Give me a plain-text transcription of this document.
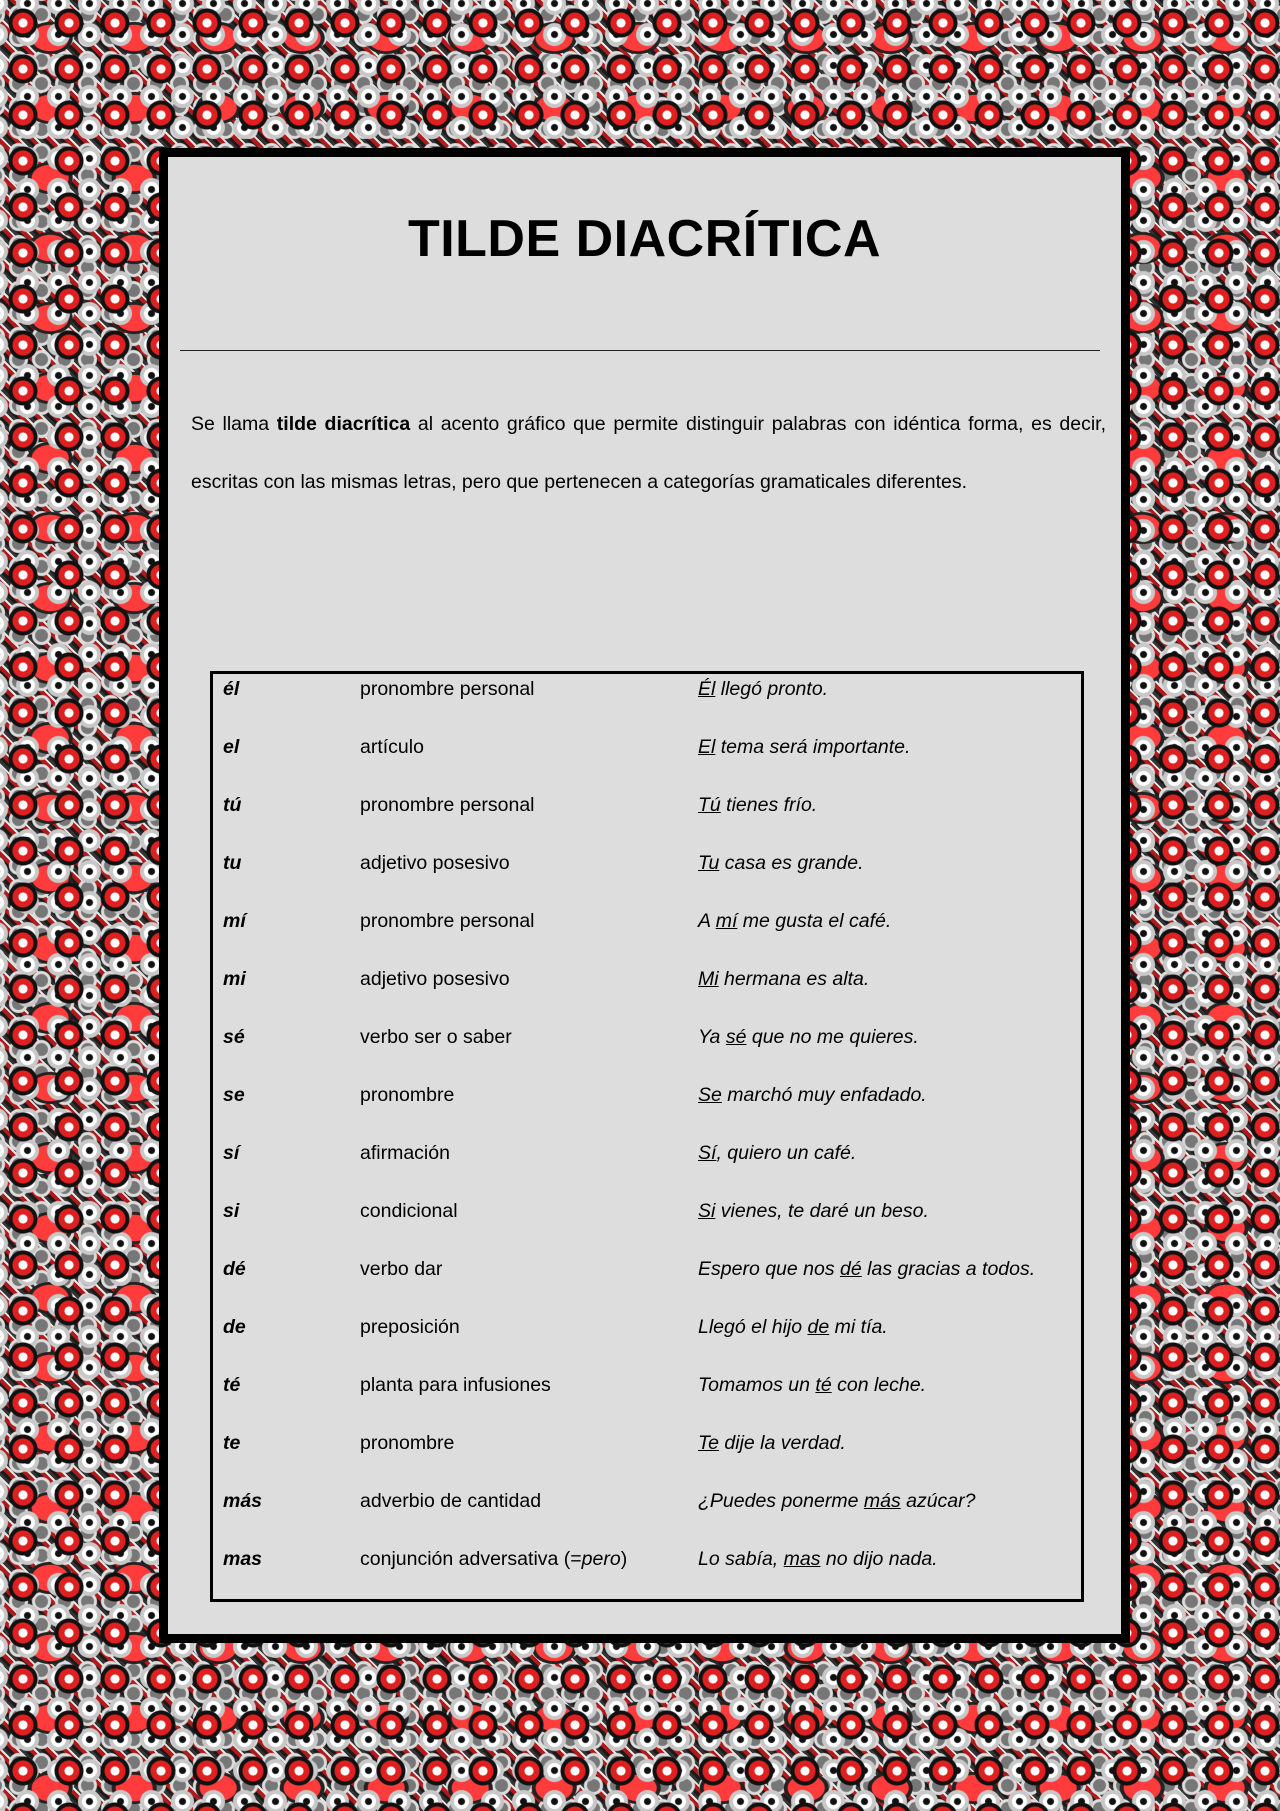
TILDE DIACRÍTICA

Se llama tilde diacrítica al acento gráfico que permite distinguir palabras con idéntica forma, es decir, escritas con las mismas letras, pero que pertenecen a categorías gramaticales diferentes.

él	pronombre personal	Él llegó pronto.
el	artículo	El tema será importante.
tú	pronombre personal	Tú tienes frío.
tu	adjetivo posesivo	Tu casa es grande.
mí	pronombre personal	A mí me gusta el café.
mi	adjetivo posesivo	Mi hermana es alta.
sé	verbo ser o saber	Ya sé que no me quieres.
se	pronombre	Se marchó muy enfadado.
sí	afirmación	Sí, quiero un café.
si	condicional	Si vienes, te daré un beso.
dé	verbo dar	Espero que nos dé las gracias a todos.
de	preposición	Llegó el hijo de mi tía.
té	planta para infusiones	Tomamos un té con leche.
te	pronombre	Te dije la verdad.
más	adverbio de cantidad	¿Puedes ponerme más azúcar?
mas	conjunción adversativa (=pero)	Lo sabía, mas no dijo nada.
